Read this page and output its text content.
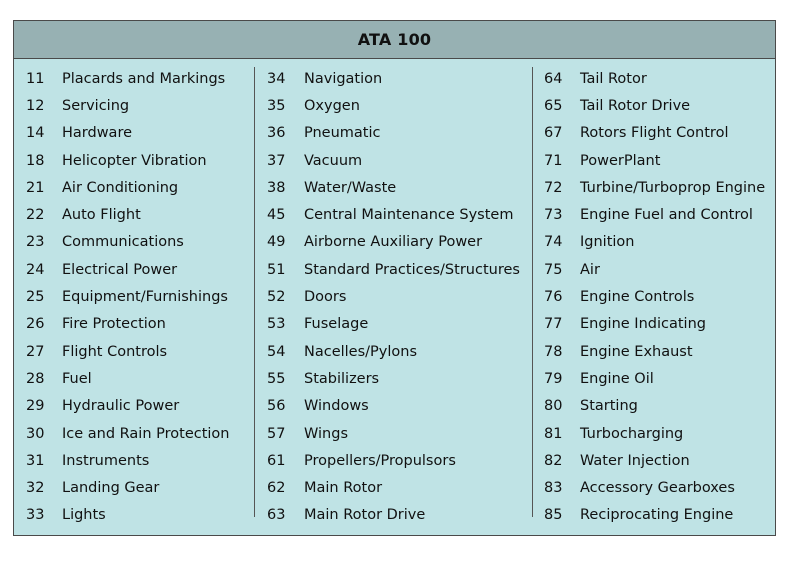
ATA 100
11	Placards and Markings
12	Servicing
14	Hardware
18	Helicopter Vibration
21	Air Conditioning
22	Auto Flight
23	Communications
24	Electrical Power
25	Equipment/Furnishings
26	Fire Protection
27	Flight Controls
28	Fuel
29	Hydraulic Power
30	Ice and Rain Protection
31	Instruments
32	Landing Gear
33	Lights
34	Navigation
35	Oxygen
36	Pneumatic
37	Vacuum
38	Water/Waste
45	Central Maintenance System
49	Airborne Auxiliary Power
51	Standard Practices/Structures
52	Doors
53	Fuselage
54	Nacelles/Pylons
55	Stabilizers
56	Windows
57	Wings
61	Propellers/Propulsors
62	Main Rotor
63	Main Rotor Drive
64	Tail Rotor
65	Tail Rotor Drive
67	Rotors Flight Control
71	PowerPlant
72	Turbine/Turboprop Engine
73	Engine Fuel and Control
74	Ignition
75	Air
76	Engine Controls
77	Engine Indicating
78	Engine Exhaust
79	Engine Oil
80	Starting
81	Turbocharging
82	Water Injection
83	Accessory Gearboxes
85	Reciprocating Engine
